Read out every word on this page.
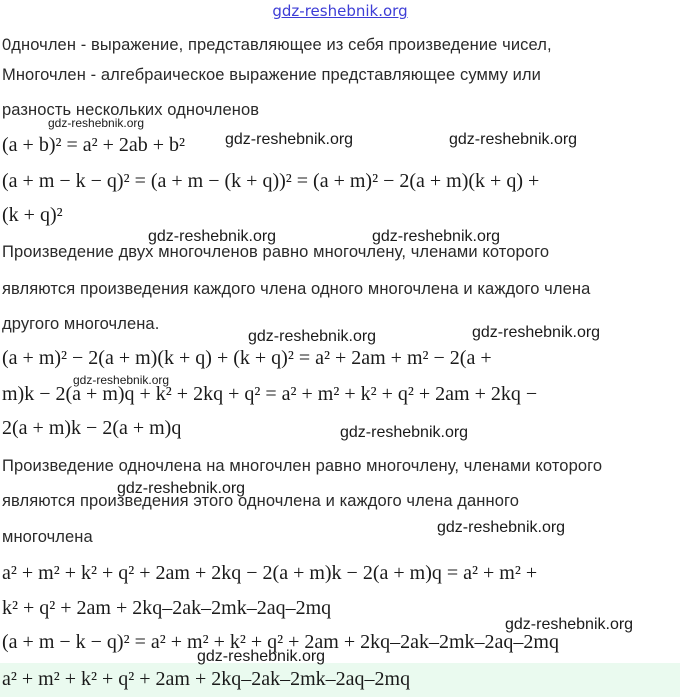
gdz-reshebnik.org
0дночлен - выражение, представляющее из себя произведение чисел,
Многочлен - алгебраическое выражение представляющее сумму или
разность нескольких одночленов
(a + b)² = a² + 2ab + b²
(a + m − k − q)² = (a + m − (k + q))² = (a + m)² − 2(a + m)(k + q) +
(k + q)²
Произведение двух многочленов равно многочлену, членами которого
являются произведения каждого члена одного многочлена и каждого члена
другого многочлена.
(a + m)² − 2(a + m)(k + q) + (k + q)² = a² + 2am + m² − 2(a +
m)k − 2(a + m)q + k² + 2kq + q² = a² + m² + k² + q² + 2am + 2kq −
2(a + m)k − 2(a + m)q
Произведение одночлена на многочлен равно многочлену, членами которого
являются произведения этого одночлена и каждого члена данного
многочлена
a² + m² + k² + q² + 2am + 2kq − 2(a + m)k − 2(a + m)q = a² + m² +
k² + q² + 2am + 2kq–2ak–2mk–2aq–2mq
(a + m − k − q)² = a² + m² + k² + q² + 2am + 2kq–2ak–2mk–2aq–2mq
a² + m² + k² + q² + 2am + 2kq–2ak–2mk–2aq–2mq
gdz-reshebnik.org
gdz-reshebnik.org	gdz-reshebnik.org
gdz-reshebnik.org	gdz-reshebnik.org
gdz-reshebnik.org	gdz-reshebnik.org
gdz-reshebnik.org
gdz-reshebnik.org
gdz-reshebnik.org
gdz-reshebnik.org
gdz-reshebnik.org
gdz-reshebnik.org
